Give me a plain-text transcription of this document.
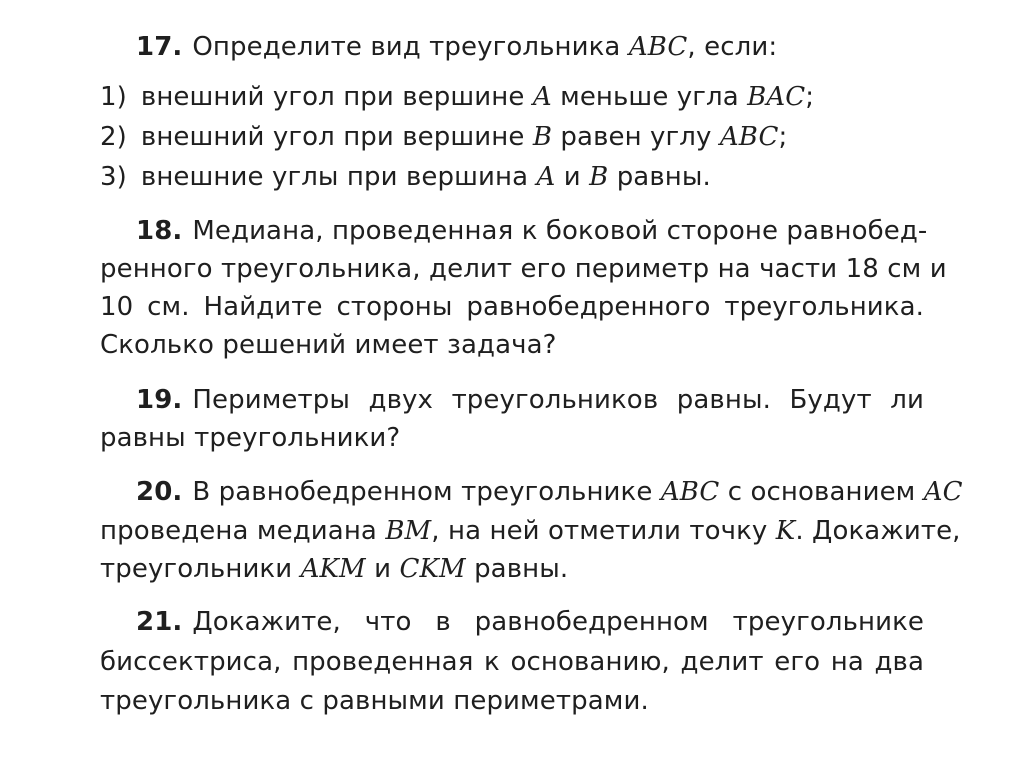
17. Определите вид треугольника ABC, если:
1) внешний угол при вершине A меньше угла BAC;
2) внешний угол при вершине B равен углу ABC;
3) внешние углы при вершина A и B равны.
18. Медиана, проведенная к боковой стороне равнобед-
ренного треугольника, делит его периметр на части 18 см и
10 см. Найдите стороны равнобедренного треугольника.
Сколько решений имеет задача?
19. Периметры двух треугольников равны. Будут ли
равны треугольники?
20. В равнобедренном треугольнике ABC с основанием AC
проведена медиана BM, на ней отметили точку K. Докажите,
треугольники AKM и CKM равны.
21. Докажите, что в равнобедренном треугольнике
биссектриса, проведенная к основанию, делит его на два
треугольника с равными периметрами.
